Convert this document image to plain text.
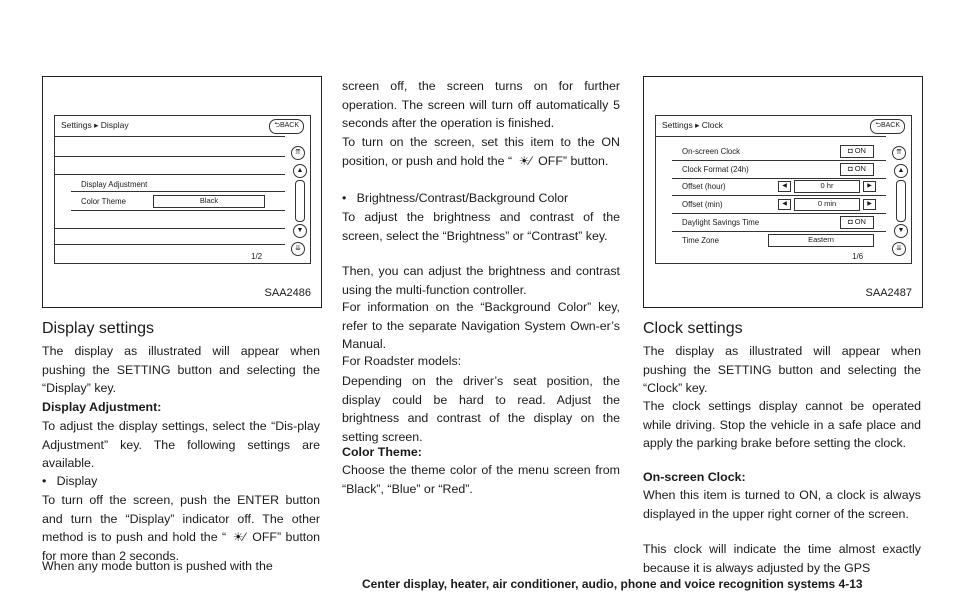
Settings ▸ Display	⮌BACK
Display Adjustment
Color Theme	Black
⇈
▲
▼
⇊
1/2
SAA2486
Display settings
The display as illustrated will appear when pushing the SETTING button and selecting the “Display” key.
Display Adjustment:
To adjust the display settings, select the “Dis-play Adjustment” key. The following settings are available.
•   Display
To turn off the screen, push the ENTER button and turn the “Display” indicator off. The other method is to push and hold the “ ☀⁄ OFF” button for more than 2 seconds.
When any mode button is pushed with the
screen off, the screen turns on for further operation. The screen will turn off automatically 5 seconds after the operation is finished.
To turn on the screen, set this item to the ON position, or push and hold the “ ☀⁄ OFF” button.
•   Brightness/Contrast/Background Color
To adjust the brightness and contrast of the screen, select the “Brightness” or “Contrast” key.
Then, you can adjust the brightness and contrast using the multi-function controller.
For information on the “Background Color” key, refer to the separate Navigation System Own-er’s Manual.
For Roadster models:
Depending on the driver’s seat position, the display could be hard to read. Adjust the brightness and contrast of the display on the setting screen.
Color Theme:
Choose the theme color of the menu screen from “Black”, “Blue” or “Red”.
Settings ▸ Clock	⮌BACK
On-screen Clock	◘ ON
Clock Format (24h)	◘ ON
Offset (hour)	◀	0 hr	▶
Offset (min)	◀	0 min	▶
Daylight Savings Time	◘ ON
Time Zone	Eastern
⇈
▲
▼
⇊
1/6
SAA2487
Clock settings
The display as illustrated will appear when pushing the SETTING button and selecting the “Clock” key.
The clock settings display cannot be operated while driving. Stop the vehicle in a safe place and apply the parking brake before setting the clock.
On-screen Clock:
When this item is turned to ON, a clock is always displayed in the upper right corner of the screen.
This clock will indicate the time almost exactly because it is always adjusted by the GPS
Center display, heater, air conditioner, audio, phone and voice recognition systems 4-13
